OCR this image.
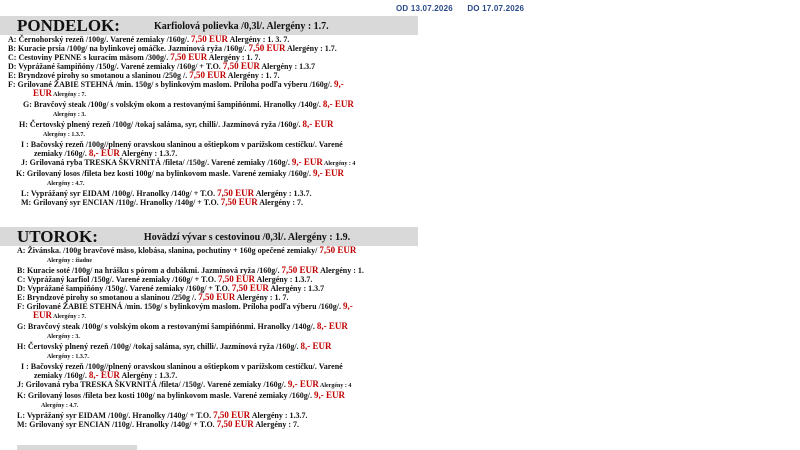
OD 13.07.2026 DO 17.07.2026
PONDELOK:	Karfiolová polievka /0,3l/. Alergény : 1.7.
A: Černohorský rezeň /100g/. Varené zemiaky /160g/. 7,50 EUR Alergény : 1. 3. 7.
B: Kuracie prsia /100g/ na bylinkovej omáčke. Jazmínová ryža /160g/. 7,50 EUR Alergény : 1.7.
C: Cestoviny PENNE s kuracím mäsom /300g/. 7,50 EUR Alergény : 1. 7.
D: Vyprážané šampiňóny /150g/. Varené zemiaky /160g/ + T.O. 7,50 EUR Alergény : 1.3.7
E: Bryndzové pirohy so smotanou a slaninou /250g /. 7,50 EUR Alergény : 1. 7.
F: Grilované ŽABIE STEHNÁ /min. 150g/ s bylinkovým maslom. Príloha podľa výberu /160g/. 9,-
EUR Alergény : 7.
G: Bravčový steak /100g/ s volským okom a restovanými šampiňónmi. Hranolky /140g/. 8,- EUR
Alergény : 3.
H: Čertovský plnený rezeň /100g/ /tokaj saláma, syr, chilli/. Jazmínová ryža /160g/. 8,- EUR
Alergény : 1.3.7.
I : Bačovský rezeň /100g//plnený oravskou slaninou a oštiepkom v parížskom cestíčku/. Varené
zemiaky /160g/. 8,- EUR Alergény : 1.3.7.
J: Grilovaná ryba TRESKA ŠKVRNITÁ /fileta/ /150g/. Varené zemiaky /160g/. 9,- EUR Alergény : 4
K: Grilovaný losos /fileta bez kosti 100g/ na bylinkovom masle. Varené zemiaky /160g/. 9,- EUR
Alergény : 4.7.
L: Vyprážaný syr EIDAM /100g/. Hranolky /140g/ + T.O. 7,50 EUR Alergény : 1.3.7.
M: Grilovaný syr ENCIAN /110g/. Hranolky /140g/ + T.O. 7,50 EUR Alergény : 7.
UTOROK:	Hovädzí vývar s cestovinou /0,3l/. Alergény : 1.9.
A: Živánska. /100g bravčové mäso, klobása, slanina, pochutiny + 160g opečené zemiaky/ 7,50 EUR
Alergény : žiadne
B: Kuracie soté /100g/ na hrášku s pórom a dubákmi. Jazmínová ryža /160g/. 7,50 EUR Alergény : 1.
C: Vyprážaný karfiol /150g/. Varené zemiaky /160g/ + T.O. 7,50 EUR Alergény : 1.3.7.
D: Vyprážané šampiňóny /150g/. Varené zemiaky /160g/ + T.O. 7,50 EUR Alergény : 1.3.7
E: Bryndzové pirohy so smotanou a slaninou /250g /. 7,50 EUR Alergény : 1. 7.
F: Grilované ŽABIE STEHNÁ /min. 150g/ s bylinkovým maslom. Príloha podľa výberu /160g/. 9,-
EUR Alergény : 7.
G: Bravčový steak /100g/ s volským okom a restovanými šampiňónmi. Hranolky /140g/. 8,- EUR
Alergény : 3.
H: Čertovský plnený rezeň /100g/ /tokaj saláma, syr, chilli/. Jazmínová ryža /160g/. 8,- EUR
Alergény : 1.3.7.
I : Bačovský rezeň /100g//plnený oravskou slaninou a oštiepkom v parížskom cestíčku/. Varené
zemiaky /160g/. 8,- EUR Alergény : 1.3.7.
J: Grilovaná ryba TRESKA ŠKVRNITÁ /fileta/ /150g/. Varené zemiaky /160g/. 9,- EUR Alergény : 4
K: Grilovaný losos /fileta bez kosti 100g/ na bylinkovom masle. Varené zemiaky /160g/. 9,- EUR
Alergény : 4.7.
L: Vyprážaný syr EIDAM /100g/. Hranolky /140g/ + T.O. 7,50 EUR Alergény : 1.3.7.
M: Grilovaný syr ENCIAN /110g/. Hranolky /140g/ + T.O. 7,50 EUR Alergény : 7.
